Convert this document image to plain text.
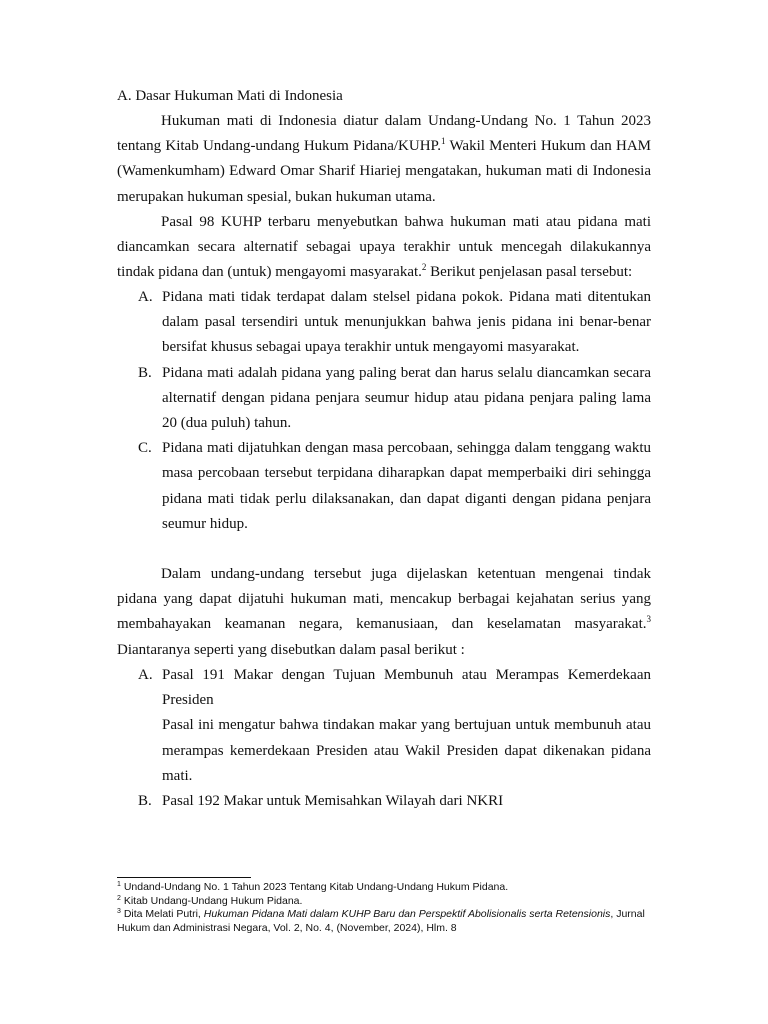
A. Dasar Hukuman Mati di Indonesia

Hukuman mati di Indonesia diatur dalam Undang-Undang No. 1 Tahun 2023 tentang Kitab Undang-undang Hukum Pidana/KUHP.$^1$ Wakil Menteri Hukum dan HAM (Wamenkumham) Edward Omar Sharif Hiariej mengatakan, hukuman mati di Indonesia merupakan hukuman spesial, bukan hukuman utama.

Pasal 98 KUHP terbaru menyebutkan bahwa hukuman mati atau pidana mati diancamkan secara alternatif sebagai upaya terakhir untuk mencegah dilakukannya tindak pidana dan (untuk) mengayomi masyarakat.$^2$ Berikut penjelasan pasal tersebut:

A. Pidana mati tidak terdapat dalam stelsel pidana pokok. Pidana mati ditentukan dalam pasal tersendiri untuk menunjukkan bahwa jenis pidana ini benar-benar bersifat khusus sebagai upaya terakhir untuk mengayomi masyarakat.

B. Pidana mati adalah pidana yang paling berat dan harus selalu diancamkan secara alternatif dengan pidana penjara seumur hidup atau pidana penjara paling lama 20 (dua puluh) tahun.

C. Pidana mati dijatuhkan dengan masa percobaan, sehingga dalam tenggang waktu masa percobaan tersebut terpidana diharapkan dapat memperbaiki diri sehingga pidana mati tidak perlu dilaksanakan, dan dapat diganti dengan pidana penjara seumur hidup.

Dalam undang-undang tersebut juga dijelaskan ketentuan mengenai tindak pidana yang dapat dijatuhi hukuman mati, mencakup berbagai kejahatan serius yang membahayakan keamanan negara, kemanusiaan, dan keselamatan masyarakat.$^3$ Diantaranya seperti yang disebutkan dalam pasal berikut :

A. Pasal 191 Makar dengan Tujuan Membunuh atau Merampas Kemerdekaan Presiden
Pasal ini mengatur bahwa tindakan makar yang bertujuan untuk membunuh atau merampas kemerdekaan Presiden atau Wakil Presiden dapat dikenakan pidana mati.
B. Pasal 192 Makar untuk Memisahkan Wilayah dari NKRI

$^1$ Undand-Undang No. 1 Tahun 2023 Tentang Kitab Undang-Undang Hukum Pidana.

$^2$ Kitab Undang-Undang Hukum Pidana.

$^3$ Dita Melati Putri, Hukuman Pidana Mati dalam KUHP Baru dan Perspektif Abolisionalis serta Retensionis, Jurnal Hukum dan Administrasi Negara, Vol. 2, No. 4, (November, 2024), Hlm. 8
